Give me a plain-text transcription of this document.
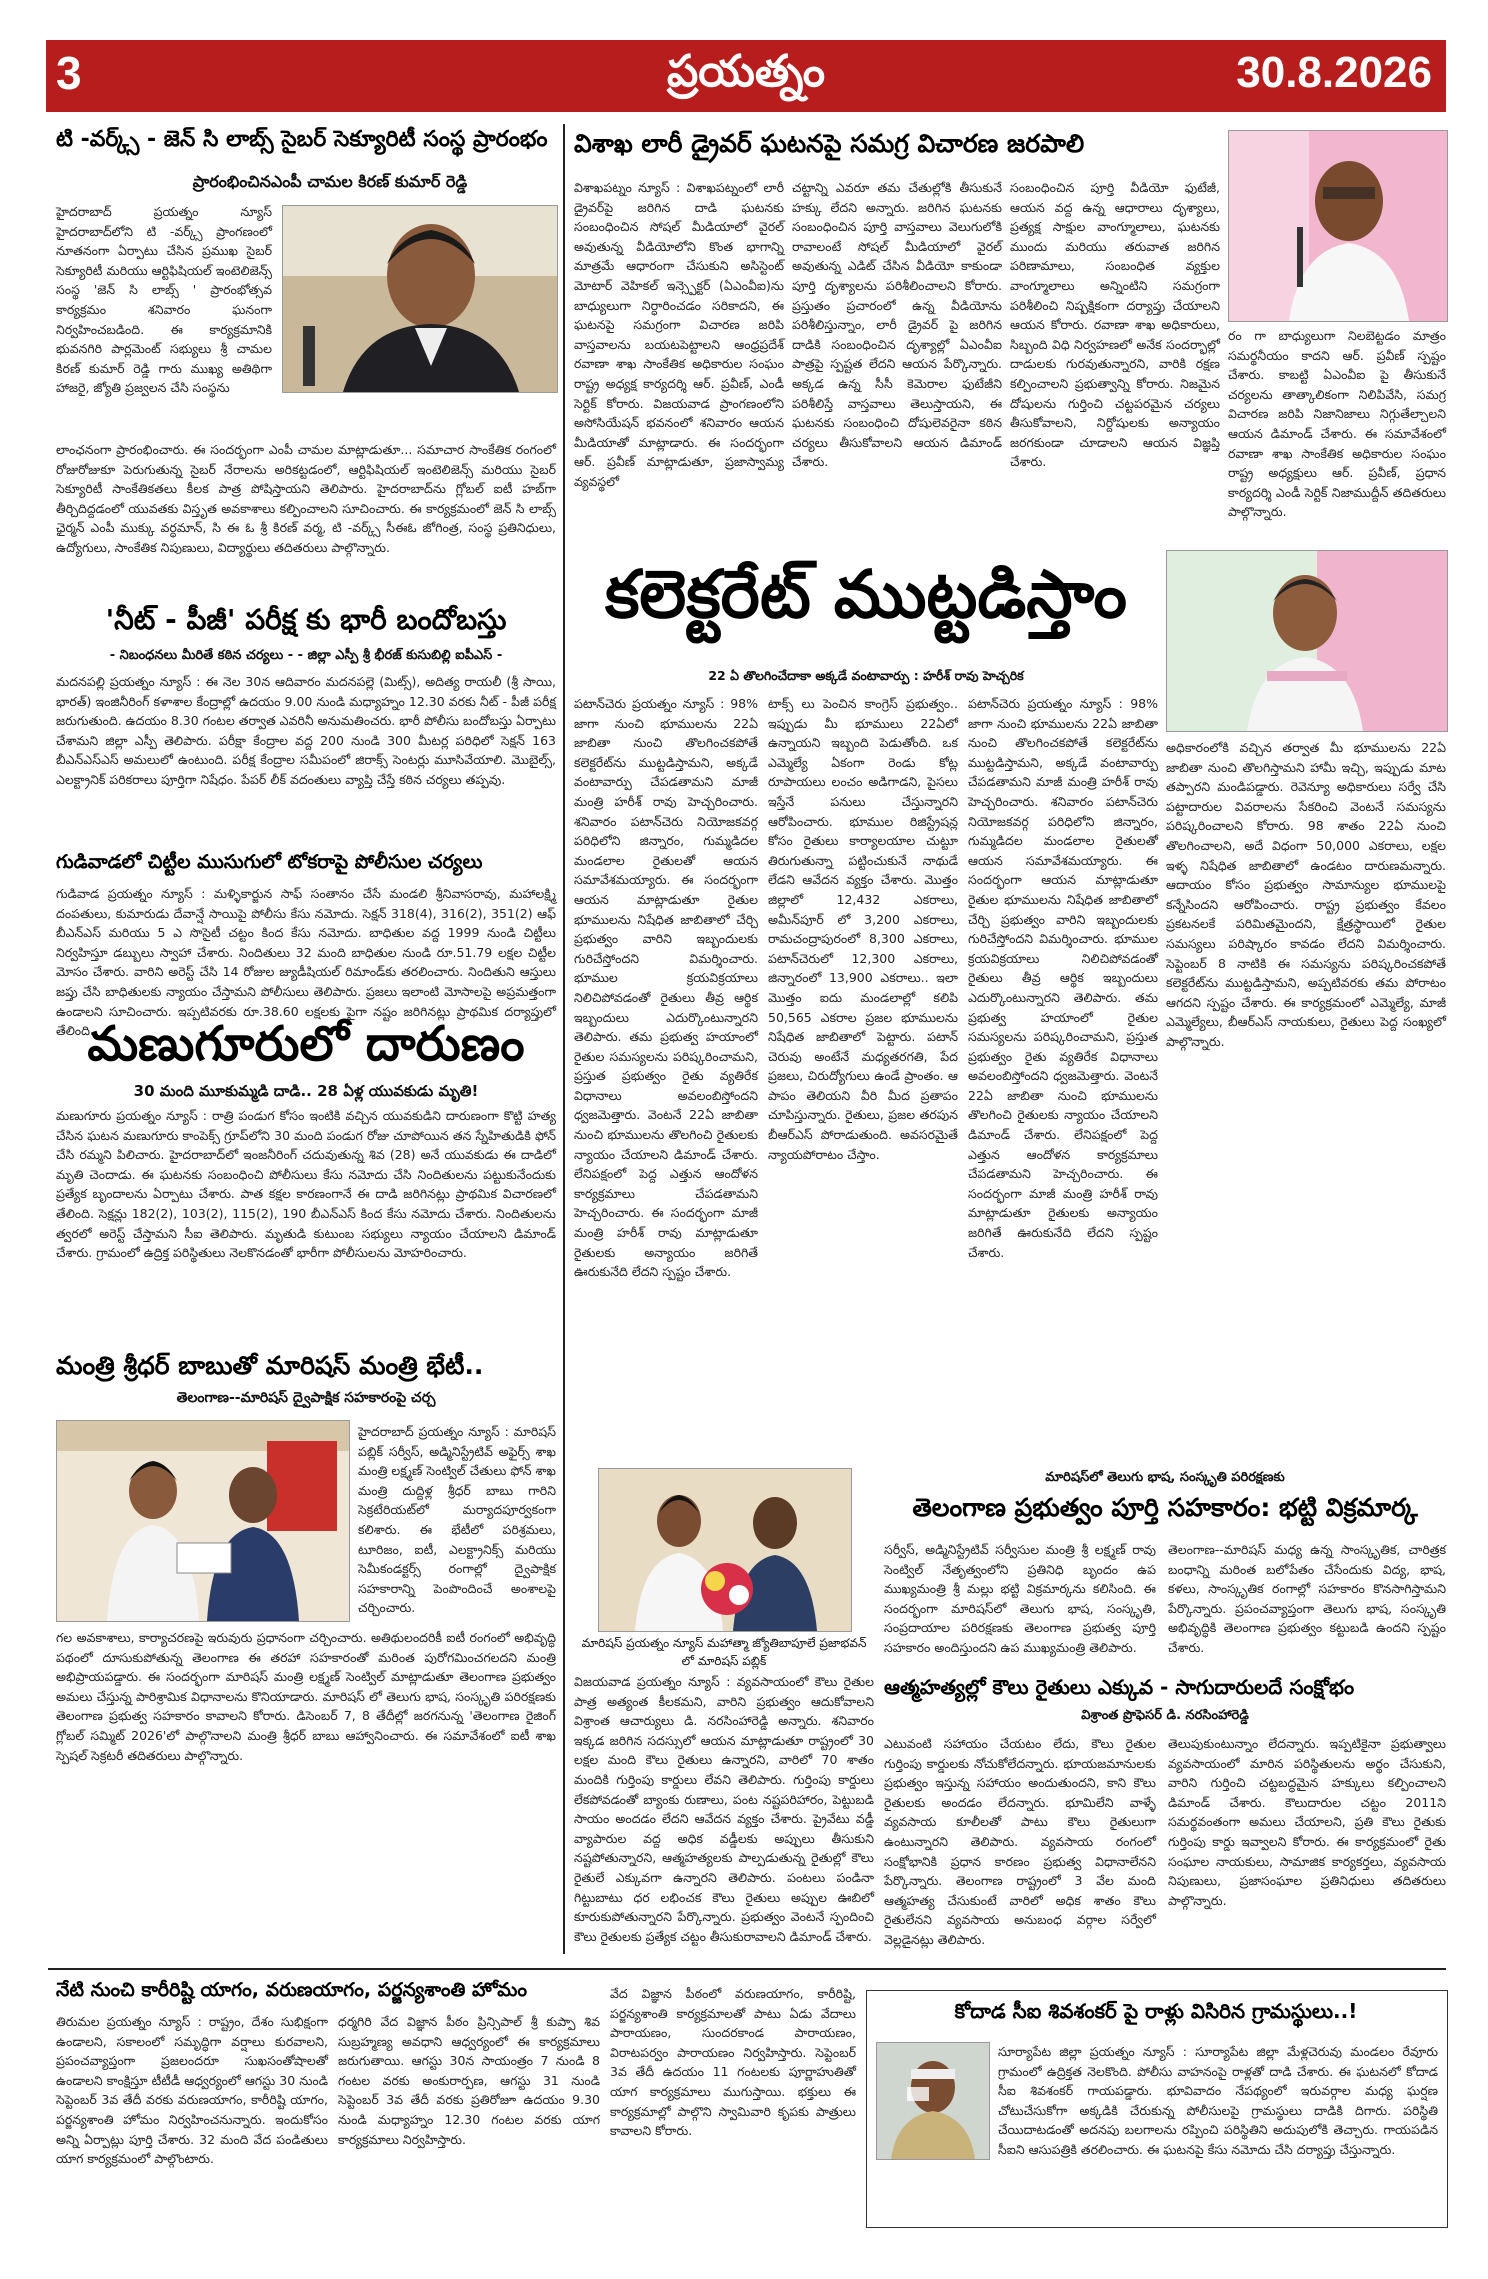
3	ప్రయత్నం	30.8.2026
టి -వర్క్స్ - జెన్ సి లాబ్స్ సైబర్ సెక్యూరిటీ సంస్థ ప్రారంభం
ప్రారంభించినఎంపీ చామల కిరణ్ కుమార్ రెడ్డి
హైదరాబాద్ ప్రయత్నం న్యూస్ హైదరాబాద్‌లోని టి -వర్క్స్ ప్రాంగణంలో నూతనంగా ఏర్పాటు చేసిన ప్రముఖ సైబర్ సెక్యూరిటీ మరియు ఆర్టిఫిషియల్ ఇంటెలిజెన్స్ సంస్థ 'జెన్ సి లాబ్స్ ' ప్రారంభోత్సవ కార్యక్రమం శనివారం ఘనంగా నిర్వహించబడింది. ఈ కార్యక్రమానికి భువనగిరి పార్లమెంట్ సభ్యులు శ్రీ చామల కిరణ్ కుమార్ రెడ్డి గారు ముఖ్య అతిథిగా హాజరై, జ్యోతి ప్రజ్వలన చేసి సంస్థను
లాంఛనంగా ప్రారంభించారు. ఈ సందర్భంగా ఎంపీ చామల మాట్లాడుతూ... సమాచార సాంకేతిక రంగంలో రోజురోజుకూ పెరుగుతున్న సైబర్ నేరాలను అరికట్టడంలో, ఆర్టిఫిషియల్ ఇంటెలిజెన్స్ మరియు సైబర్ సెక్యూరిటీ సాంకేతికతలు కీలక పాత్ర పోషిస్తాయని తెలిపారు. హైదరాబాద్‌ను గ్లోబల్ ఐటీ హబ్‌గా తీర్చిదిద్దడంలో యువతకు విస్తృత అవకాశాలు కల్పించాలని సూచించారు. ఈ కార్యక్రమంలో జెన్ సి లాబ్స్ ఛైర్మన్ ఎంపీ ముక్కు వర్ధమాన్, సి ఈ ఓ శ్రీ కిరణ్ వర్మ, టి -వర్క్స్ సీఈఓ జోగింత్ర, సంస్థ ప్రతినిధులు, ఉద్యోగులు, సాంకేతిక నిపుణులు, విద్యార్థులు తదితరులు పాల్గొన్నారు.
'నీట్ - పీజీ' పరీక్ష కు భారీ బందోబస్తు
- నిబంధనలు మీరితే కఠిన చర్యలు - - జిల్లా ఎస్పీ శ్రీ భీరజ్ కుసుబిల్లి ఐపీఎస్ -
మదనపల్లి ప్రయత్నం న్యూస్ : ఈ నెల 30న ఆదివారం మదనపల్లె (మిట్స్), అదిత్య రాయలీ (శ్రీ సాయి, భారత్) ఇంజినీరింగ్ కళాశాల కేంద్రాల్లో ఉదయం 9.00 నుండి మధ్యాహ్నం 12.30 వరకు నీట్ - పీజీ పరీక్ష జరుగుతుంది. ఉదయం 8.30 గంటల తర్వాత ఎవరినీ అనుమతించరు. భారీ పోలీసు బందోబస్తు ఏర్పాటు చేశామని జిల్లా ఎస్పీ తెలిపారు. పరీక్షా కేంద్రాల వద్ద 200 నుండి 300 మీటర్ల పరిధిలో సెక్షన్ 163 బీఎన్ఎస్ఎస్ అమలులో ఉంటుంది. పరీక్ష కేంద్రాల సమీపంలో జిరాక్స్ సెంటర్లు మూసివేయాలి. మొబైల్స్, ఎలక్ట్రానిక్ పరికరాలు పూర్తిగా నిషేధం. పేపర్ లీక్ వదంతులు వ్యాప్తి చేస్తే కఠిన చర్యలు తప్పవు.
గుడివాడలో చిట్టీల ముసుగులో టోకరాపై పోలీసుల చర్యలు
గుడివాడ ప్రయత్నం న్యూస్ : మళ్ళికార్జున సాఫ్ సంతానం చేసే మండలి శ్రీనివాసరావు, మహాలక్ష్మి దంపతులు, కుమారుడు దేవాన్షే సాయిపై పోలీసు కేసు నమోదు. సెక్షన్ 318(4), 316(2), 351(2) ఆఫ్ బీఎన్ఎస్ మరియు 5 ఎ సొసైటీ చట్టం కింద కేసు నమోదు. బాధితుల వద్ద 1999 నుండి చిట్టీలు నిర్వహిస్తూ డబ్బులు స్వాహా చేశారు. నిందితులు 32 మంది బాధితుల నుండి రూ.51.79 లక్షల చిట్టీల మోసం చేశారు. వారిని అరెస్ట్ చేసి 14 రోజుల జ్యుడీషియల్ రిమాండ్‌కు తరలించారు. నిందితుని ఆస్తులు జప్తు చేసి బాధితులకు న్యాయం చేస్తామని పోలీసులు తెలిపారు. ప్రజలు ఇలాంటి మోసాలపై అప్రమత్తంగా ఉండాలని సూచించారు. ఇప్పటివరకు రూ.38.60 లక్షలకు పైగా నష్టం జరిగినట్లు ప్రాథమిక దర్యాప్తులో తేలింది.
మణుగూరులో దారుణం
30 మంది మూకుమ్మడి దాడి.. 28 ఏళ్ల యువకుడు మృతి!
మణుగూరు ప్రయత్నం న్యూస్ : రాత్రి పండుగ కోసం ఇంటికి వచ్చిన యువకుడిని దారుణంగా కొట్టి హత్య చేసిన ఘటన మణుగూరు కాంపెక్స్ గ్రూప్‌లోని 30 మంది పండుగ రోజు చూపోయిన తన స్నేహితుడికి ఫోన్ చేసి రమ్మని పిలిచారు. హైదరాబాద్‌లో ఇంజనీరింగ్ చదువుతున్న శివ (28) అనే యువకుడు ఈ దాడిలో మృతి చెందాడు. ఈ ఘటనకు సంబంధించి పోలీసులు కేసు నమోదు చేసి నిందితులను పట్టుకునేందుకు ప్రత్యేక బృందాలను ఏర్పాటు చేశారు. పాత కక్షల కారణంగానే ఈ దాడి జరిగినట్లు ప్రాథమిక విచారణలో తేలింది. సెక్షన్లు 182(2), 103(2), 115(2), 190 బీఎన్ఎస్ కింద కేసు నమోదు చేశారు. నిందితులను త్వరలో అరెస్ట్ చేస్తామని సీఐ తెలిపారు. మృతుడి కుటుంబ సభ్యులు న్యాయం చేయాలని డిమాండ్ చేశారు. గ్రామంలో ఉద్రిక్త పరిస్థితులు నెలకొనడంతో భారీగా పోలీసులను మోహరించారు.
మంత్రి శ్రీధర్ బాబుతో మారిషస్ మంత్రి భేటీ..
తెలంగాణ--మారిషస్ ద్వైపాక్షిక సహకారంపై చర్చ
హైదరాబాద్ ప్రయత్నం న్యూస్ : మారిషస్ పబ్లిక్ సర్వీస్, అడ్మినిస్ట్రేటివ్ అఫైర్స్ శాఖ మంత్రి లక్ష్మణ్ సెంట్విల్ చేతులు ఫోన్ శాఖ మంత్రి దుద్దిళ్ల శ్రీధర్ బాబు గారిని సెక్రటేరియట్‌లో మర్యాదపూర్వకంగా కలిశారు. ఈ భేటీలో పరిశ్రమలు, టూరిజం, ఐటీ, ఎలక్ట్రానిక్స్ మరియు సెమీకండక్టర్స్ రంగాల్లో ద్వైపాక్షిక సహకారాన్ని పెంపొందించే అంశాలపై చర్చించారు.
గల అవకాశాలు, కార్యాచరణపై ఇరువురు ప్రధానంగా చర్చించారు. అతిథులందరికీ ఐటీ రంగంలో అభివృద్ధి పథంలో దూసుకుపోతున్న తెలంగాణ ఈ తరహా సహకారంతో మరింత పురోగమించగలదని మంత్రి అభిప్రాయపడ్డారు. ఈ సందర్భంగా మారిషస్ మంత్రి లక్ష్మణ్ సెంట్విల్ మాట్లాడుతూ తెలంగాణ ప్రభుత్వం అమలు చేస్తున్న పారిశ్రామిక విధానాలను కొనియాడారు. మారిషస్ లో తెలుగు భాష, సంస్కృతి పరిరక్షణకు తెలంగాణ ప్రభుత్వ సహకారం కావాలని కోరారు. డిసెంబర్ 7, 8 తేదీల్లో జరగనున్న 'తెలంగాణ రైజింగ్ గ్లోబల్ సమ్మిట్ 2026'లో పాల్గొనాలని మంత్రి శ్రీధర్ బాబు ఆహ్వానించారు. ఈ సమావేశంలో ఐటీ శాఖ స్పెషల్ సెక్రటరీ తదితరులు పాల్గొన్నారు.
విశాఖ లారీ డ్రైవర్ ఘటనపై సమగ్ర విచారణ జరపాలి
విశాఖపట్నం న్యూస్ : విశాఖపట్నంలో లారీ డ్రైవర్‌పై జరిగిన దాడి ఘటనకు సంబంధించిన సోషల్ మీడియాలో వైరల్ అవుతున్న వీడియోలోని కొంత భాగాన్ని మాత్రమే ఆధారంగా చేసుకుని అసిస్టెంట్ మోటార్ వెహికల్ ఇన్స్పెక్టర్ (ఏఎంవీఐ)ను బాధ్యులుగా నిర్ధారించడం సరికాదని, ఈ ఘటనపై సమగ్రంగా విచారణ జరిపి వాస్తవాలను బయటపెట్టాలని ఆంధ్రప్రదేశ్ రవాణా శాఖ సాంకేతిక అధికారుల సంఘం రాష్ట్ర అధ్యక్ష కార్యదర్శి ఆర్. ప్రవీణ్, ఎండీ సెర్టిక్ కోరారు. విజయవాడ ప్రాంగణంలోని అసోసియేషన్ భవనంలో శనివారం ఆయన మీడియాతో మాట్లాడారు. ఈ సందర్భంగా ఆర్. ప్రవీణ్ మాట్లాడుతూ, ప్రజాస్వామ్య వ్యవస్థలో
చట్టాన్ని ఎవరూ తమ చేతుల్లోకి తీసుకునే హక్కు లేదని అన్నారు. జరిగిన ఘటనకు సంబంధించిన పూర్తి వాస్తవాలు వెలుగులోకి రావాలంటే సోషల్ మీడియాలో వైరల్ అవుతున్న ఎడిట్ చేసిన వీడియో కాకుండా పూర్తి దృశ్యాలను పరిశీలించాలని కోరారు. ప్రస్తుతం ప్రచారంలో ఉన్న వీడియోను పరిశీలిస్తున్నాం, లారీ డ్రైవర్ పై జరిగిన దాడికి సంబంధించిన దృశ్యాల్లో ఏఎంవీఐ పాత్రపై స్పష్టత లేదని ఆయన పేర్కొన్నారు. అక్కడ ఉన్న సీసీ కెమెరాల ఫుటేజీని పరిశీలిస్తే వాస్తవాలు తెలుస్తాయని, ఈ ఘటనకు సంబంధించి దోషులెవరైనా కఠిన చర్యలు తీసుకోవాలని ఆయన డిమాండ్ చేశారు.
సంబంధించిన పూర్తి వీడియో ఫుటేజీ, ఆయన వద్ద ఉన్న ఆధారాలు దృశ్యాలు, ప్రత్యక్ష సాక్షుల వాంగ్మూలాలు, ఘటనకు ముందు మరియు తరువాత జరిగిన పరిణామాలు, సంబంధిత వ్యక్తుల వాంగ్మూలాలు అన్నింటిని సమగ్రంగా పరిశీలించి నిష్పక్షికంగా దర్యాప్తు చేయాలని ఆయన కోరారు. రవాణా శాఖ అధికారులు, సిబ్బంది విధి నిర్వహణలో అనేక సందర్భాల్లో దాడులకు గురవుతున్నారని, వారికి రక్షణ కల్పించాలని ప్రభుత్వాన్ని కోరారు. నిజమైన దోషులను గుర్తించి చట్టపరమైన చర్యలు తీసుకోవాలని, నిర్దోషులకు అన్యాయం జరగకుండా చూడాలని ఆయన విజ్ఞప్తి చేశారు.
రం గా బాధ్యులుగా నిలబెట్టడం మాత్రం సమర్థనీయం కాదని ఆర్. ప్రవీణ్ స్పష్టం చేశారు. కాబట్టి ఏఎంవీఐ పై తీసుకునే చర్యలను తాత్కాలికంగా నిలిపివేసి, సమగ్ర విచారణ జరిపి నిజానిజాలు నిగ్గుతేల్చాలని ఆయన డిమాండ్ చేశారు. ఈ సమావేశంలో రవాణా శాఖ సాంకేతిక అధికారుల సంఘం రాష్ట్ర అధ్యక్షులు ఆర్. ప్రవీణ్, ప్రధాన కార్యదర్శి ఎండీ సెర్టిక్ నిజాముద్దీన్ తదితరులు పాల్గొన్నారు.
కలెక్టరేట్ ముట్టడిస్తాం
22 ఏ తొలగించేదాకా అక్కడే వంటావార్పు : హరీశ్ రావు హెచ్చరిక
పటాన్‌చెరు ప్రయత్నం న్యూస్ : 98% జాగా నుంచి భూములను 22ఏ జాబితా నుంచి తొలగించకపోతే కలెక్టరేట్‌ను ముట్టడిస్తామని, అక్కడే వంటావార్పు చేపడతామని మాజీ మంత్రి హరీశ్ రావు హెచ్చరించారు. శనివారం పటాన్‌చెరు నియోజకవర్గ పరిధిలోని జిన్నారం, గుమ్మడిదల మండలాల రైతులతో ఆయన సమావేశమయ్యారు. ఈ సందర్భంగా ఆయన మాట్లాడుతూ రైతుల భూములను నిషేధిత జాబితాలో చేర్చి ప్రభుత్వం వారిని ఇబ్బందులకు గురిచేస్తోందని విమర్శించారు. భూముల క్రయవిక్రయాలు నిలిచిపోవడంతో రైతులు తీవ్ర ఆర్థిక ఇబ్బందులు ఎదుర్కొంటున్నారని తెలిపారు. తమ ప్రభుత్వ హయాంలో రైతుల సమస్యలను పరిష్కరించామని, ప్రస్తుత ప్రభుత్వం రైతు వ్యతిరేక విధానాలు అవలంబిస్తోందని ధ్వజమెత్తారు. వెంటనే 22ఏ జాబితా నుంచి భూములను తొలగించి రైతులకు న్యాయం చేయాలని డిమాండ్ చేశారు. లేనిపక్షంలో పెద్ద ఎత్తున ఆందోళన కార్యక్రమాలు చేపడతామని హెచ్చరించారు. ఈ సందర్భంగా మాజీ మంత్రి హరీశ్ రావు మాట్లాడుతూ రైతులకు అన్యాయం జరిగితే ఊరుకునేది లేదని స్పష్టం చేశారు.
టాక్స్ లు పెంచిన కాంగ్రెస్ ప్రభుత్వం.. ఇప్పుడు మీ భూములు 22ఏలో ఉన్నాయని ఇబ్బంది పెడుతోంది. ఒక ఎమ్మెల్యే ఏకంగా రెండు కోట్ల రూపాయలు లంచం అడిగాడని, పైసలు ఇస్తేనే పనులు చేస్తున్నారని ఆరోపించారు. భూముల రిజిస్ట్రేషన్ల కోసం రైతులు కార్యాలయాల చుట్టూ తిరుగుతున్నా పట్టించుకునే నాథుడే లేడని ఆవేదన వ్యక్తం చేశారు. మొత్తం జిల్లాలో 12,432 ఎకరాలు, అమీన్‌పూర్ లో 3,200 ఎకరాలు, రామచంద్రాపురంలో 8,300 ఎకరాలు, పటాన్‌చెరులో 12,300 ఎకరాలు, జిన్నారంలో 13,900 ఎకరాలు.. ఇలా మొత్తం ఐదు మండలాల్లో కలిపి 50,565 ఎకరాల ప్రజల భూములను నిషేధిత జాబితాలో పెట్టారు. పటాన్ చెరువు అంటేనే మధ్యతరగతి, పేద ప్రజలు, చిరుద్యోగులు ఉండే ప్రాంతం. ఆ పాపం తెలియని వీరి మీద ప్రతాపం చూపిస్తున్నారు. రైతులు, ప్రజల తరపున బీఆర్ఎస్ పోరాడుతుంది. అవసరమైతే న్యాయపోరాటం చేస్తాం.
అధికారంలోకి వచ్చిన తర్వాత మీ భూములను 22ఏ జాబితా నుంచి తొలగిస్తామని హామీ ఇచ్చి, ఇప్పుడు మాట తప్పారని మండిపడ్డారు. రెవెన్యూ అధికారులు సర్వే చేసి పట్టాదారుల వివరాలను సేకరించి వెంటనే సమస్యను పరిష్కరించాలని కోరారు. 98 శాతం 22ఏ నుంచి తొలగించాలని, అదే విధంగా 50,000 ఎకరాలు, లక్షల ఇళ్ళ నిషేధిత జాబితాలో ఉండటం దారుణమన్నారు. ఆదాయం కోసం ప్రభుత్వం సామాన్యుల భూములపై కన్నేసిందని ఆరోపించారు. రాష్ట్ర ప్రభుత్వం కేవలం ప్రకటనలకే పరిమితమైందని, క్షేత్రస్థాయిలో రైతుల సమస్యలు పరిష్కారం కావడం లేదని విమర్శించారు. సెప్టెంబర్ 8 నాటికి ఈ సమస్యను పరిష్కరించకపోతే కలెక్టరేట్‌ను ముట్టడిస్తామని, అప్పటివరకు తమ పోరాటం ఆగదని స్పష్టం చేశారు. ఈ కార్యక్రమంలో ఎమ్మెల్యే, మాజీ ఎమ్మెల్యేలు, బీఆర్ఎస్ నాయకులు, రైతులు పెద్ద సంఖ్యలో పాల్గొన్నారు.
పటాన్‌చెరు ప్రయత్నం న్యూస్ : 98% జాగా నుంచి భూములను 22ఏ జాబితా నుంచి తొలగించకపోతే కలెక్టరేట్‌ను ముట్టడిస్తామని, అక్కడే వంటావార్పు చేపడతామని మాజీ మంత్రి హరీశ్ రావు హెచ్చరించారు. శనివారం పటాన్‌చెరు నియోజకవర్గ పరిధిలోని జిన్నారం, గుమ్మడిదల మండలాల రైతులతో ఆయన సమావేశమయ్యారు. ఈ సందర్భంగా ఆయన మాట్లాడుతూ రైతుల భూములను నిషేధిత జాబితాలో చేర్చి ప్రభుత్వం వారిని ఇబ్బందులకు గురిచేస్తోందని విమర్శించారు. భూముల క్రయవిక్రయాలు నిలిచిపోవడంతో రైతులు తీవ్ర ఆర్థిక ఇబ్బందులు ఎదుర్కొంటున్నారని తెలిపారు. తమ ప్రభుత్వ హయాంలో రైతుల సమస్యలను పరిష్కరించామని, ప్రస్తుత ప్రభుత్వం రైతు వ్యతిరేక విధానాలు అవలంబిస్తోందని ధ్వజమెత్తారు. వెంటనే 22ఏ జాబితా నుంచి భూములను తొలగించి రైతులకు న్యాయం చేయాలని డిమాండ్ చేశారు. లేనిపక్షంలో పెద్ద ఎత్తున ఆందోళన కార్యక్రమాలు చేపడతామని హెచ్చరించారు. ఈ సందర్భంగా మాజీ మంత్రి హరీశ్ రావు మాట్లాడుతూ రైతులకు అన్యాయం జరిగితే ఊరుకునేది లేదని స్పష్టం చేశారు.
మారిషస్ ప్రయత్నం న్యూస్ మహాత్మా జ్యోతిబాపూలే ప్రజాభవన్ లో మారిషస్ పబ్లిక్
విజయవాడ ప్రయత్నం న్యూస్ : వ్యవసాయంలో కౌలు రైతుల పాత్ర అత్యంత కీలకమని, వారిని ప్రభుత్వం ఆదుకోవాలని విశ్రాంత ఆచార్యులు డి. నరసింహారెడ్డి అన్నారు. శనివారం ఇక్కడ జరిగిన సదస్సులో ఆయన మాట్లాడుతూ రాష్ట్రంలో 30 లక్షల మంది కౌలు రైతులు ఉన్నారని, వారిలో 70 శాతం మందికి గుర్తింపు కార్డులు లేవని తెలిపారు. గుర్తింపు కార్డులు లేకపోవడంతో బ్యాంకు రుణాలు, పంట నష్టపరిహారం, పెట్టుబడి సాయం అందడం లేదని ఆవేదన వ్యక్తం చేశారు. ప్రైవేటు వడ్డీ వ్యాపారుల వద్ద అధిక వడ్డీలకు అప్పులు తీసుకుని నష్టపోతున్నారని, ఆత్మహత్యలకు పాల్పడుతున్న రైతుల్లో కౌలు రైతులే ఎక్కువగా ఉన్నారని తెలిపారు. పంటలు పండినా గిట్టుబాటు ధర లభించక కౌలు రైతులు అప్పుల ఊబిలో కూరుకుపోతున్నారని పేర్కొన్నారు. ప్రభుత్వం వెంటనే స్పందించి కౌలు రైతులకు ప్రత్యేక చట్టం తీసుకురావాలని డిమాండ్ చేశారు.
మారిషస్‌లో తెలుగు భాష, సంస్కృతి పరిరక్షణకు
తెలంగాణ ప్రభుత్వం పూర్తి సహకారం: భట్టి విక్రమార్క
సర్వీస్, అడ్మినిస్ట్రేటివ్ సర్వీసుల మంత్రి శ్రీ లక్ష్మణ్ రావు సెంట్విల్ నేతృత్వంలోని ప్రతినిధి బృందం ఉప ముఖ్యమంత్రి శ్రీ మల్లు భట్టి విక్రమార్కను కలిసింది. ఈ సందర్భంగా మారిషస్‌లో తెలుగు భాష, సంస్కృతి, సంప్రదాయాల పరిరక్షణకు తెలంగాణ ప్రభుత్వ పూర్తి సహకారం అందిస్తుందని ఉప ముఖ్యమంత్రి తెలిపారు.
తెలంగాణ--మారిషస్ మధ్య ఉన్న సాంస్కృతిక, చారిత్రక బంధాన్ని మరింత బలోపేతం చేసేందుకు విద్య, భాష, కళలు, సాంస్కృతిక రంగాల్లో సహకారం కొనసాగిస్తామని పేర్కొన్నారు. ప్రపంచవ్యాప్తంగా తెలుగు భాష, సంస్కృతి అభివృద్ధికి తెలంగాణ ప్రభుత్వం కట్టుబడి ఉందని స్పష్టం చేశారు.
ఆత్మహత్యల్లో కౌలు రైతులు ఎక్కువ - సాగుదారులదే సంక్షోభం
విశ్రాంత ప్రొఫెసర్ డి. నరసింహారెడ్డి
ఎటువంటి సహాయం చేయటం లేదు, కౌలు రైతుల గుర్తింపు కార్డులకు నోచుకోలేదన్నారు. భూయజమానులకు ప్రభుత్వం ఇస్తున్న సహాయం అందుతుందని, కాని కౌలు రైతులకు అందడం లేదన్నారు. భూమిలేని వాళ్ళే వ్యవసాయ కూలీలతో పాటు కౌలు రైతులుగా ఉంటున్నారని తెలిపారు. వ్యవసాయ రంగంలో సంక్షోభానికి ప్రధాన కారణం ప్రభుత్వ విధానాలేనని పేర్కొన్నారు. తెలంగాణ రాష్ట్రంలో 3 వేల మంది ఆత్మహత్య చేసుకుంటే వారిలో అధిక శాతం కౌలు రైతులేనని వ్యవసాయ అనుబంధ వర్గాల సర్వేలో వెల్లడైనట్లు తెలిపారు.
తెలుపుకుంటున్నాం లేదన్నారు. ఇప్పటికైనా ప్రభుత్వాలు వ్యవసాయంలో మారిన పరిస్థితులను అర్థం చేసుకుని, వారిని గుర్తించి చట్టబద్ధమైన హక్కులు కల్పించాలని డిమాండ్ చేశారు. కౌలుదారుల చట్టం 2011ని సమర్థవంతంగా అమలు చేయాలని, ప్రతి కౌలు రైతుకు గుర్తింపు కార్డు ఇవ్వాలని కోరారు. ఈ కార్యక్రమంలో రైతు సంఘాల నాయకులు, సామాజిక కార్యకర్తలు, వ్యవసాయ నిపుణులు, ప్రజాసంఘాల ప్రతినిధులు తదితరులు పాల్గొన్నారు.
నేటి నుంచి కారీరిష్టి యాగం, వరుణయాగం, పర్జన్యశాంతి హోమం
తిరుమల ప్రయత్నం న్యూస్ : రాష్ట్రం, దేశం సుభిక్షంగా ఉండాలని, సకాలంలో సమృద్ధిగా వర్షాలు కురవాలని, ప్రపంచవ్యాప్తంగా ప్రజలందరూ సుఖసంతోషాలతో ఉండాలని కాంక్షిస్తూ టీటీడీ ఆధ్వర్యంలో ఆగస్టు 30 నుండి సెప్టెంబర్ 3వ తేదీ వరకు వరుణయాగం, కారీరిష్టి యాగం, పర్జన్యశాంతి హోమం నిర్వహించనున్నారు. ఇందుకోసం అన్ని ఏర్పాట్లు పూర్తి చేశారు. 32 మంది వేద పండితులు యాగ కార్యక్రమంలో పాల్గొంటారు.
ధర్మగిరి వేద విజ్ఞాన పీఠం ప్రిన్సిపాల్ శ్రీ కుప్పా శివ సుబ్రహ్మణ్య అవధాని ఆధ్వర్యంలో ఈ కార్యక్రమాలు జరుగుతాయి. ఆగస్టు 30న సాయంత్రం 7 నుండి 8 గంటల వరకు అంకురార్పణ, ఆగస్టు 31 నుండి సెప్టెంబర్ 3వ తేదీ వరకు ప్రతిరోజూ ఉదయం 9.30 నుండి మధ్యాహ్నం 12.30 గంటల వరకు యాగ కార్యక్రమాలు నిర్వహిస్తారు.
వేద విజ్ఞాన పీఠంలో వరుణయాగం, కారీరిష్టి, పర్జన్యశాంతి కార్యక్రమాలతో పాటు ఏడు వేదాలు పారాయణం, సుందరకాండ పారాయణం, విరాటపర్వం పారాయణం నిర్వహిస్తారు. సెప్టెంబర్ 3వ తేదీ ఉదయం 11 గంటలకు పూర్ణాహుతితో యాగ కార్యక్రమాలు ముగుస్తాయి. భక్తులు ఈ కార్యక్రమాల్లో పాల్గొని స్వామివారి కృపకు పాత్రులు కావాలని కోరారు.
కోదాడ సీఐ శివశంకర్ పై రాళ్లు విసిరిన గ్రామస్థులు..!
సూర్యాపేట జిల్లా ప్రయత్నం న్యూస్ : సూర్యాపేట జిల్లా మేళ్లచెరువు మండలం రేవూరు గ్రామంలో ఉద్రిక్తత నెలకొంది. పోలీసు వాహనంపై రాళ్లతో దాడి చేశారు. ఈ ఘటనలో కోదాడ సీఐ శివశంకర్ గాయపడ్డారు. భూవివాదం నేపథ్యంలో ఇరువర్గాల మధ్య ఘర్షణ చోటుచేసుకోగా అక్కడికి చేరుకున్న పోలీసులపై గ్రామస్థులు దాడికి దిగారు. పరిస్థితి చేయిదాటడంతో అదనపు బలగాలను రప్పించి పరిస్థితిని అదుపులోకి తెచ్చారు. గాయపడిన సీఐని ఆసుపత్రికి తరలించారు. ఈ ఘటనపై కేసు నమోదు చేసి దర్యాప్తు చేస్తున్నారు.
